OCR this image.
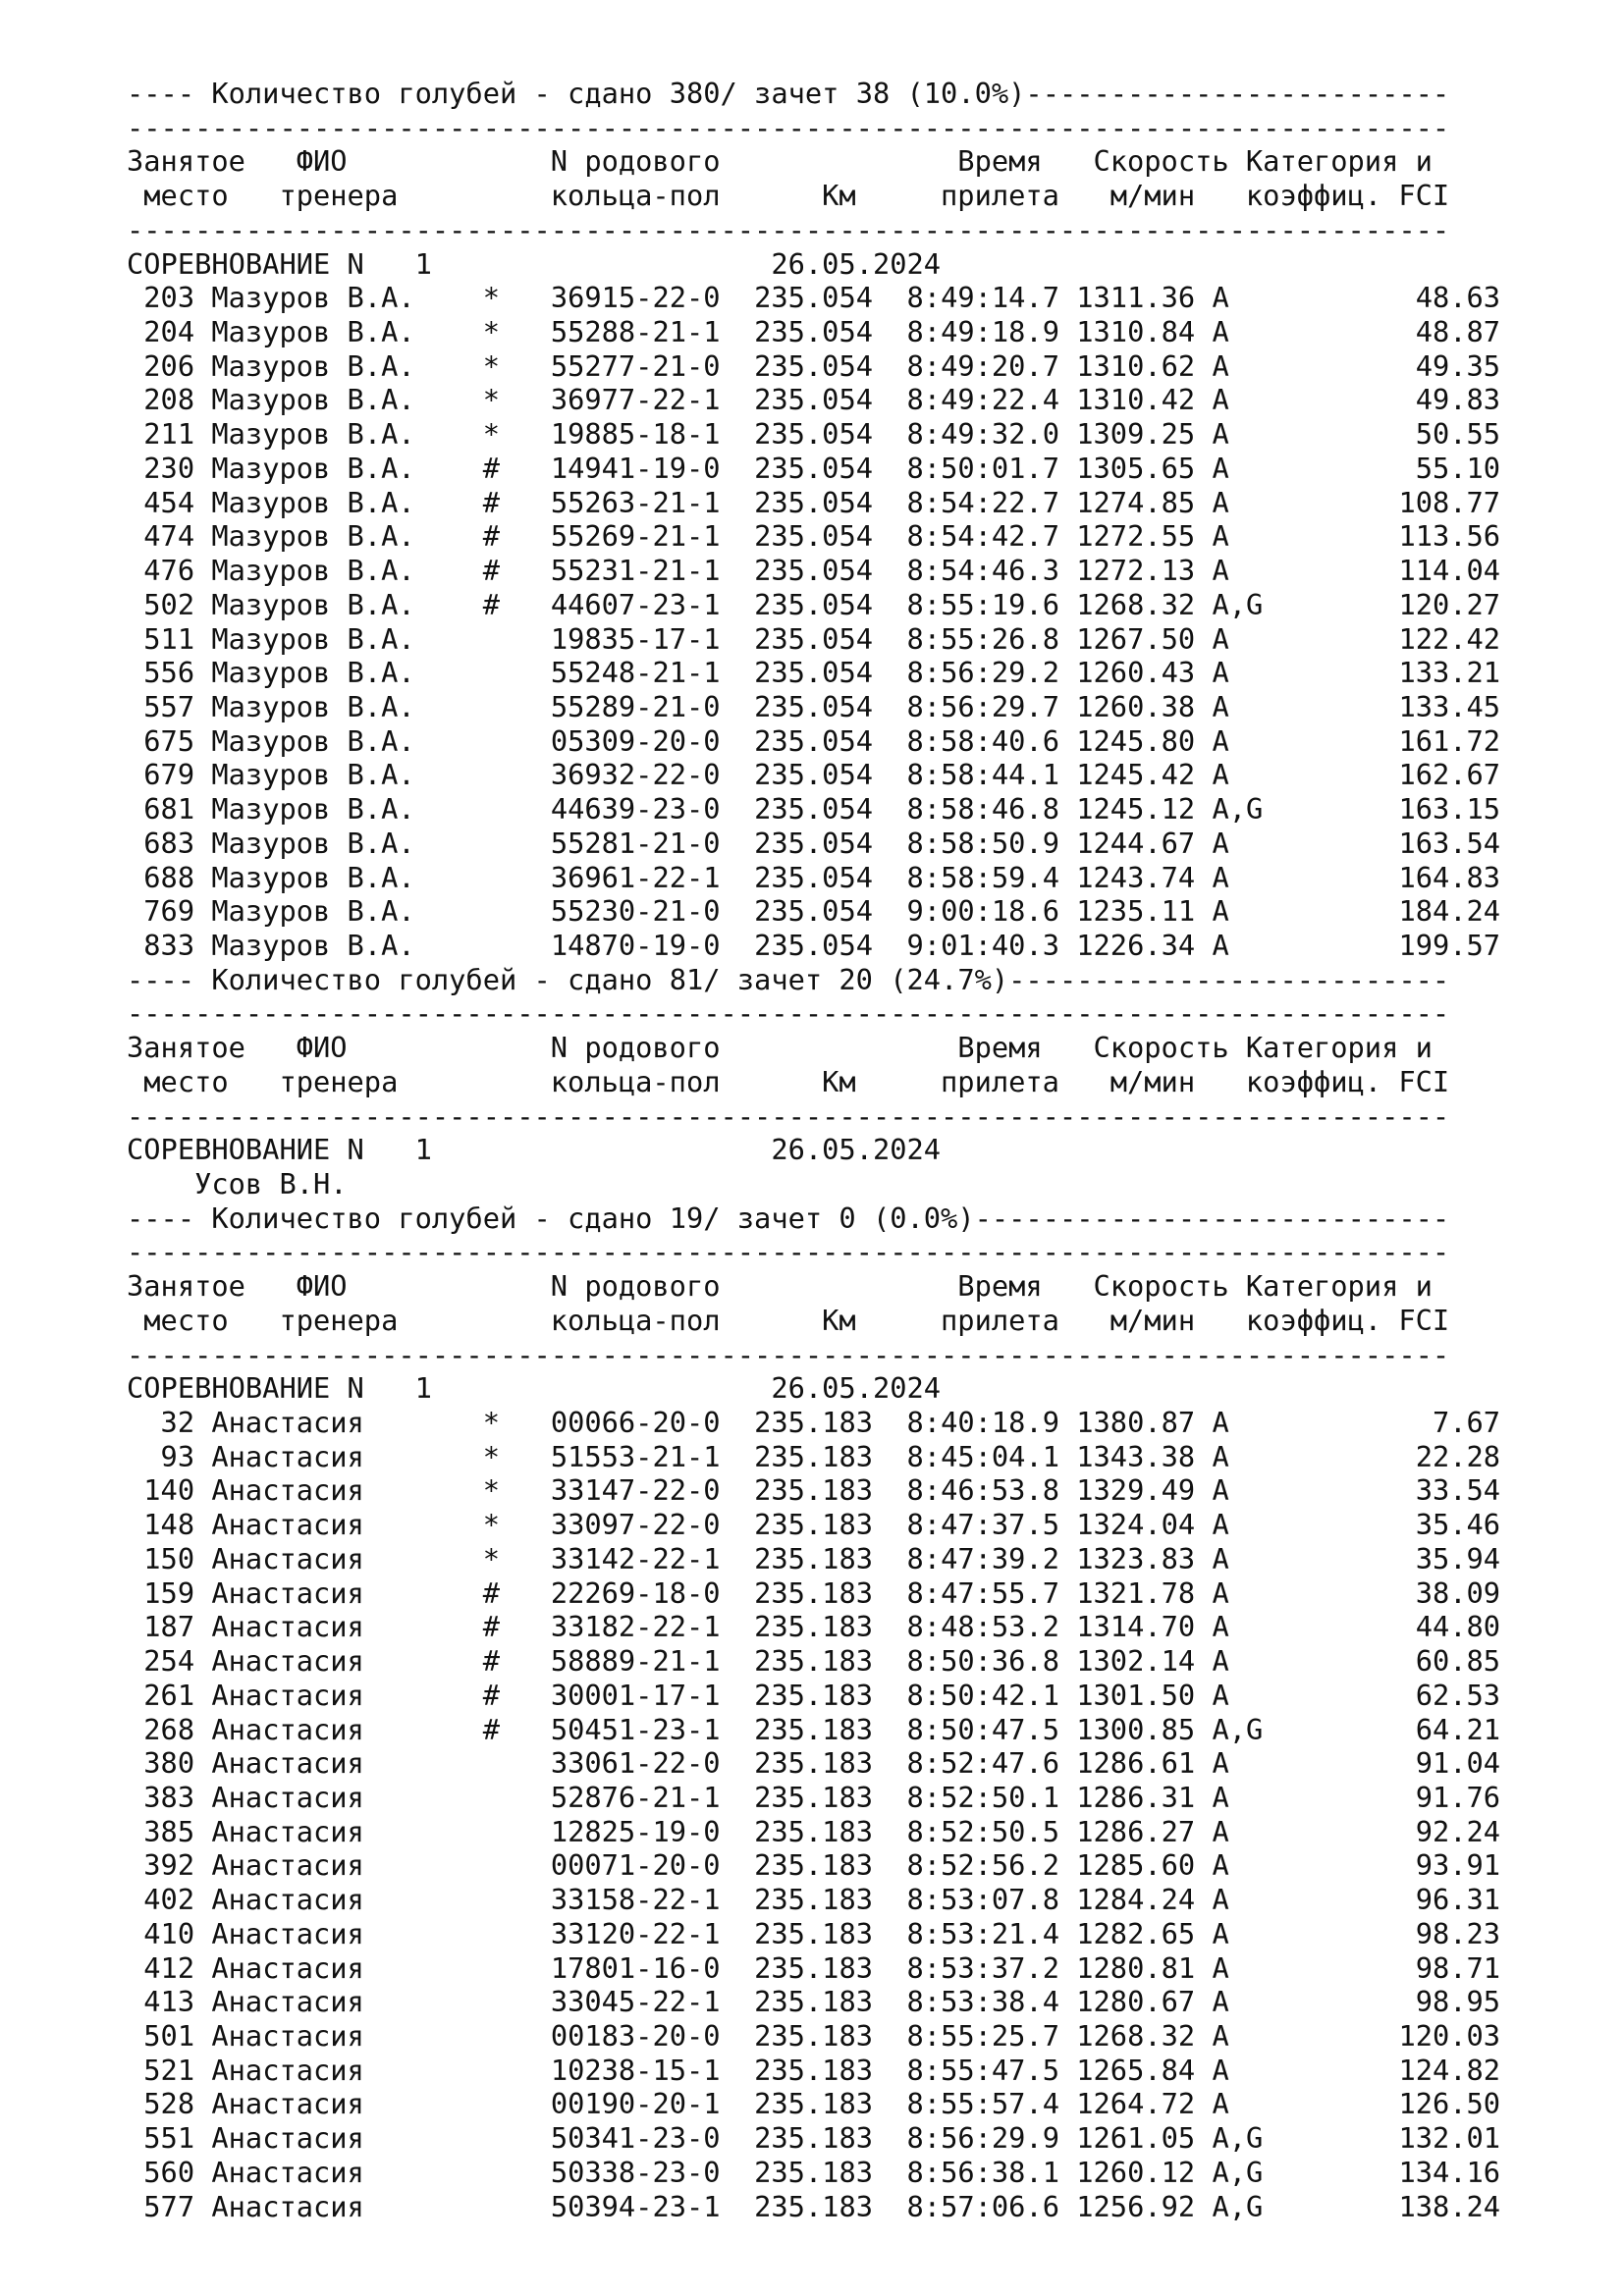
---- Количество голубей - сдано 380/ зачет 38 (10.0%)-------------------------
------------------------------------------------------------------------------
Занятое   ФИО            N родового              Время   Скорость Категория и
место   тренера         кольца-пол      Км     прилета   м/мин   коэффиц. FCI
------------------------------------------------------------------------------
СОРЕВНОВАНИЕ N   1	26.05.2024
203 Мазуров В.А.    *   36915-22-0  235.054  8:49:14.7 1311.36 A           48.63
204 Мазуров В.А.    *   55288-21-1  235.054  8:49:18.9 1310.84 A           48.87
206 Мазуров В.А.    *   55277-21-0  235.054  8:49:20.7 1310.62 A           49.35
208 Мазуров В.А.    *   36977-22-1  235.054  8:49:22.4 1310.42 A           49.83
211 Мазуров В.А.    *   19885-18-1  235.054  8:49:32.0 1309.25 A           50.55
230 Мазуров В.А.    #   14941-19-0  235.054  8:50:01.7 1305.65 A           55.10
454 Мазуров В.А.    #   55263-21-1  235.054  8:54:22.7 1274.85 A          108.77
474 Мазуров В.А.    #   55269-21-1  235.054  8:54:42.7 1272.55 A          113.56
476 Мазуров В.А.    #   55231-21-1  235.054  8:54:46.3 1272.13 A          114.04
502 Мазуров В.А.    #   44607-23-1  235.054  8:55:19.6 1268.32 A,G        120.27
511 Мазуров В.А.        19835-17-1  235.054  8:55:26.8 1267.50 A          122.42
556 Мазуров В.А.        55248-21-1  235.054  8:56:29.2 1260.43 A          133.21
557 Мазуров В.А.        55289-21-0  235.054  8:56:29.7 1260.38 A          133.45
675 Мазуров В.А.        05309-20-0  235.054  8:58:40.6 1245.80 A          161.72
679 Мазуров В.А.        36932-22-0  235.054  8:58:44.1 1245.42 A          162.67
681 Мазуров В.А.        44639-23-0  235.054  8:58:46.8 1245.12 A,G        163.15
683 Мазуров В.А.        55281-21-0  235.054  8:58:50.9 1244.67 A          163.54
688 Мазуров В.А.        36961-22-1  235.054  8:58:59.4 1243.74 A          164.83
769 Мазуров В.А.        55230-21-0  235.054  9:00:18.6 1235.11 A          184.24
833 Мазуров В.А.        14870-19-0  235.054  9:01:40.3 1226.34 A          199.57
---- Количество голубей - сдано 81/ зачет 20 (24.7%)--------------------------
------------------------------------------------------------------------------
Занятое   ФИО            N родового              Время   Скорость Категория и
место   тренера         кольца-пол      Км     прилета   м/мин   коэффиц. FCI
------------------------------------------------------------------------------
СОРЕВНОВАНИЕ N   1	26.05.2024
Усов В.Н.
---- Количество голубей - сдано 19/ зачет 0 (0.0%)----------------------------
------------------------------------------------------------------------------
Занятое   ФИО            N родового              Время   Скорость Категория и
место   тренера         кольца-пол      Км     прилета   м/мин   коэффиц. FCI
------------------------------------------------------------------------------
СОРЕВНОВАНИЕ N   1	26.05.2024
32 Анастасия       *   00066-20-0  235.183  8:40:18.9 1380.87 A            7.67
93 Анастасия       *   51553-21-1  235.183  8:45:04.1 1343.38 A           22.28
140 Анастасия       *   33147-22-0  235.183  8:46:53.8 1329.49 A           33.54
148 Анастасия       *   33097-22-0  235.183  8:47:37.5 1324.04 A           35.46
150 Анастасия       *   33142-22-1  235.183  8:47:39.2 1323.83 A           35.94
159 Анастасия       #   22269-18-0  235.183  8:47:55.7 1321.78 A           38.09
187 Анастасия       #   33182-22-1  235.183  8:48:53.2 1314.70 A           44.80
254 Анастасия       #   58889-21-1  235.183  8:50:36.8 1302.14 A           60.85
261 Анастасия       #   30001-17-1  235.183  8:50:42.1 1301.50 A           62.53
268 Анастасия       #   50451-23-1  235.183  8:50:47.5 1300.85 A,G         64.21
380 Анастасия           33061-22-0  235.183  8:52:47.6 1286.61 A           91.04
383 Анастасия           52876-21-1  235.183  8:52:50.1 1286.31 A           91.76
385 Анастасия           12825-19-0  235.183  8:52:50.5 1286.27 A           92.24
392 Анастасия           00071-20-0  235.183  8:52:56.2 1285.60 A           93.91
402 Анастасия           33158-22-1  235.183  8:53:07.8 1284.24 A           96.31
410 Анастасия           33120-22-1  235.183  8:53:21.4 1282.65 A           98.23
412 Анастасия           17801-16-0  235.183  8:53:37.2 1280.81 A           98.71
413 Анастасия           33045-22-1  235.183  8:53:38.4 1280.67 A           98.95
501 Анастасия           00183-20-0  235.183  8:55:25.7 1268.32 A          120.03
521 Анастасия           10238-15-1  235.183  8:55:47.5 1265.84 A          124.82
528 Анастасия           00190-20-1  235.183  8:55:57.4 1264.72 A          126.50
551 Анастасия           50341-23-0  235.183  8:56:29.9 1261.05 A,G        132.01
560 Анастасия           50338-23-0  235.183  8:56:38.1 1260.12 A,G        134.16
577 Анастасия           50394-23-1  235.183  8:57:06.6 1256.92 A,G        138.24
